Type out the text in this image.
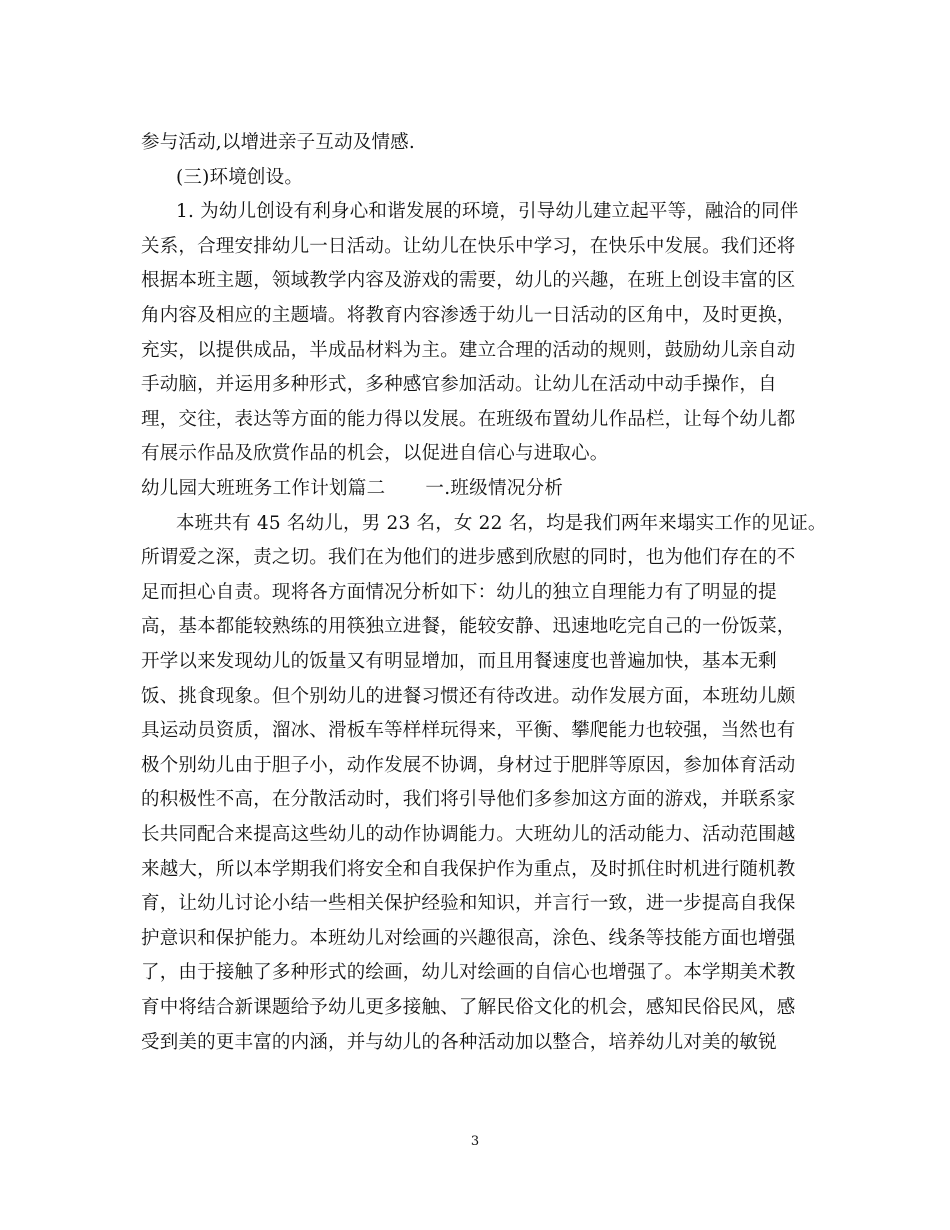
参与活动,以增进亲子互动及情感.
(三)环境创设。
1. 为幼儿创设有利身心和谐发展的环境，引导幼儿建立起平等，融洽的同伴
关系，合理安排幼儿一日活动。让幼儿在快乐中学习，在快乐中发展。我们还将
根据本班主题，领域教学内容及游戏的需要，幼儿的兴趣，在班上创设丰富的区
角内容及相应的主题墙。将教育内容渗透于幼儿一日活动的区角中，及时更换，
充实，以提供成品，半成品材料为主。建立合理的活动的规则，鼓励幼儿亲自动
手动脑，并运用多种形式，多种感官参加活动。让幼儿在活动中动手操作，自
理，交往，表达等方面的能力得以发展。在班级布置幼儿作品栏，让每个幼儿都
有展示作品及欣赏作品的机会，以促进自信心与进取心。
幼儿园大班班务工作计划篇二 一.班级情况分析
本班共有 45 名幼儿，男 23 名，女 22 名，均是我们两年来塌实工作的见证。
所谓爱之深，责之切。我们在为他们的进步感到欣慰的同时，也为他们存在的不
足而担心自责。现将各方面情况分析如下：幼儿的独立自理能力有了明显的提
高，基本都能较熟练的用筷独立进餐，能较安静、迅速地吃完自己的一份饭菜，
开学以来发现幼儿的饭量又有明显增加，而且用餐速度也普遍加快，基本无剩
饭、挑食现象。但个别幼儿的进餐习惯还有待改进。动作发展方面，本班幼儿颇
具运动员资质，溜冰、滑板车等样样玩得来，平衡、攀爬能力也较强，当然也有
极个别幼儿由于胆子小，动作发展不协调，身材过于肥胖等原因，参加体育活动
的积极性不高，在分散活动时，我们将引导他们多参加这方面的游戏，并联系家
长共同配合来提高这些幼儿的动作协调能力。大班幼儿的活动能力、活动范围越
来越大，所以本学期我们将安全和自我保护作为重点，及时抓住时机进行随机教
育，让幼儿讨论小结一些相关保护经验和知识，并言行一致，进一步提高自我保
护意识和保护能力。本班幼儿对绘画的兴趣很高，涂色、线条等技能方面也增强
了，由于接触了多种形式的绘画，幼儿对绘画的自信心也增强了。本学期美术教
育中将结合新课题给予幼儿更多接触、了解民俗文化的机会，感知民俗民风，感
受到美的更丰富的内涵，并与幼儿的各种活动加以整合，培养幼儿对美的敏锐
3
